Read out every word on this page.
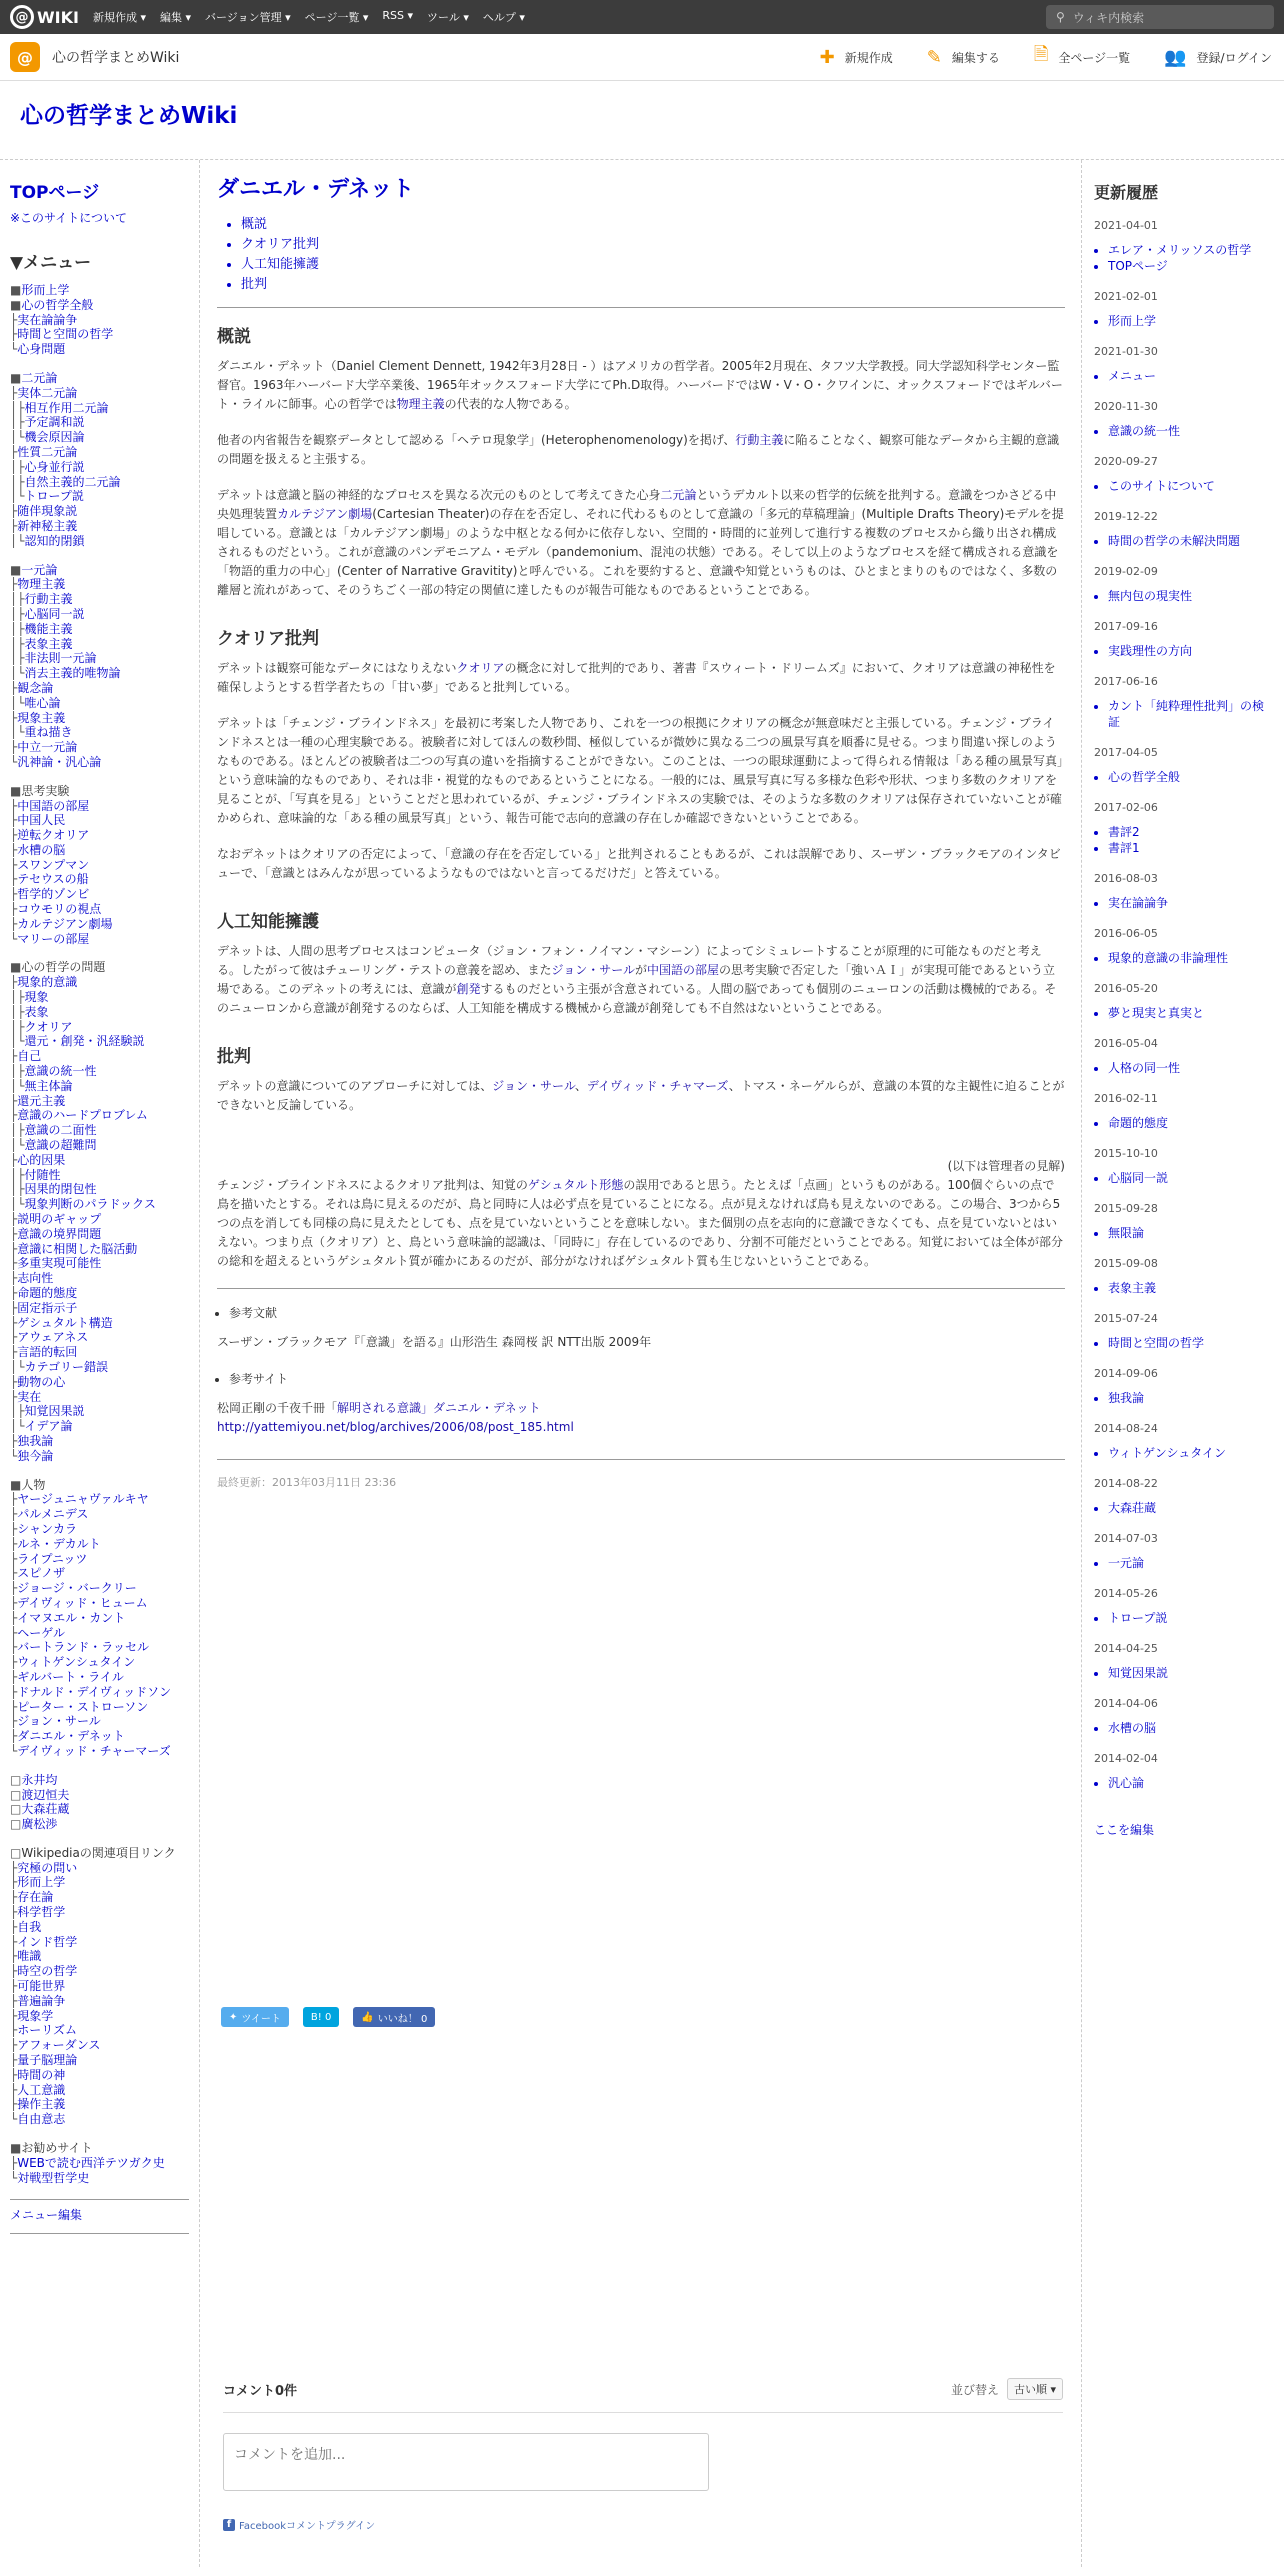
@ WIKI 新規作成 ▾ 編集 ▾ バージョン管理 ▾ ページ一覧 ▾ RSS ▾ ツール ▾ ヘルプ ▾	⚲ ウィキ内検索
@	心の哲学まとめWiki	✚ 新規作成 ✎ 編集する 🗎 全ページ一覧 👥 登録/ログイン
心の哲学まとめWiki
TOPページ
※このサイトについて
▼メニュー
■形而上学
■心の哲学全般
├実在論論争
├時間と空間の哲学
└心身問題
■二元論
├実体二元論
│├相互作用二元論
│├予定調和説
│└機会原因論
├性質二元論
│├心身並行説
│├自然主義的二元論
│└トロープ説
├随伴現象説
├新神秘主義
│└認知的閉鎖
■一元論
├物理主義
│├行動主義
│├心脳同一説
│├機能主義
│├表象主義
│├非法則一元論
│└消去主義的唯物論
├観念論
│└唯心論
├現象主義
│└重ね描き
├中立一元論
└汎神論・汎心論
■思考実験
├中国語の部屋
├中国人民
├逆転クオリア
├水槽の脳
├スワンプマン
├テセウスの船
├哲学的ゾンビ
├コウモリの視点
├カルテジアン劇場
└マリーの部屋
■心の哲学の問題
├現象的意識
│├現象
│├表象
│├クオリア
│└還元・創発・汎経験説
├自己
│├意識の統一性
│└無主体論
├還元主義
├意識のハードプロブレム
│├意識の二面性
│└意識の超難問
├心的因果
│├付随性
│├因果的閉包性
│└現象判断のパラドックス
├説明のギャップ
├意識の境界問題
├意識に相関した脳活動
├多重実現可能性
├志向性
├命題的態度
├固定指示子
├ゲシュタルト構造
├アウェアネス
├言語的転回
│└カテゴリー錯誤
├動物の心
├実在
│├知覚因果説
│└イデア論
├独我論
└独今論
■人物
├ヤージュニャヴァルキヤ
├パルメニデス
├シャンカラ
├ルネ・デカルト
├ライプニッツ
├スピノザ
├ジョージ・バークリー
├デイヴィッド・ヒューム
├イマヌエル・カント
├ヘーゲル
├バートランド・ラッセル
├ウィトゲンシュタイン
├ギルバート・ライル
├ドナルド・デイヴィッドソン
├ピーター・ストローソン
├ジョン・サール
├ダニエル・デネット
└デイヴィッド・チャーマーズ
□永井均
□渡辺恒夫
□大森荘蔵
□廣松渉
□Wikipediaの関連項目リンク
├究極の問い
├形而上学
├存在論
├科学哲学
├自我
├インド哲学
├唯識
├時空の哲学
├可能世界
├普遍論争
├現象学
├ホーリズム
├アフォーダンス
├量子脳理論
├時間の神
├人工意識
├操作主義
└自由意志
■お勧めサイト
├WEBで読む西洋テツガク史
└対戦型哲学史
メニュー編集
ダニエル・デネット
• 概説
• クオリア批判
• 人工知能擁護
• 批判
概説

ダニエル・デネット（Daniel Clement Dennett, 1942年3月28日 - ）はアメリカの哲学者。2005年2月現在、タフツ大学教授。同大学認知科学センター監督官。1963年ハーバード大学卒業後、1965年オックスフォード大学にてPh.D取得。ハーバードではW・V・O・クワインに、オックスフォードではギルバート・ライルに師事。心の哲学では物理主義の代表的な人物である。

他者の内省報告を観察データとして認める「ヘテロ現象学」(Heterophenomenology)を掲げ、行動主義に陥ることなく、観察可能なデータから主観的意識の問題を扱えると主張する。

デネットは意識と脳の神経的なプロセスを異なる次元のものとして考えてきた心身二元論というデカルト以来の哲学的伝統を批判する。意識をつかさどる中央処理装置カルテジアン劇場(Cartesian Theater)の存在を否定し、それに代わるものとして意識の「多元的草稿理論」(Multiple Drafts Theory)モデルを提唱している。意識とは「カルテジアン劇場」のような中枢となる何かに依存しない、空間的・時間的に並列して進行する複数のプロセスから織り出され構成されるものだという。これが意識のパンデモニアム・モデル（pandemonium、混沌の状態）である。そして以上のようなプロセスを経て構成される意識を「物語的重力の中心」(Center of Narrative Gravitity)と呼んでいる。これを要約すると、意識や知覚というものは、ひとまとまりのものではなく、多数の離層と流れがあって、そのうちごく一部の特定の関値に達したものが報告可能なものであるということである。

クオリア批判

デネットは観察可能なデータにはなりえないクオリアの概念に対して批判的であり、著書『スウィート・ドリームズ』において、クオリアは意識の神秘性を確保しようとする哲学者たちの「甘い夢」であると批判している。

デネットは「チェンジ・ブラインドネス」を最初に考案した人物であり、これを一つの根拠にクオリアの概念が無意味だと主張している。チェンジ・ブラインドネスとは一種の心理実験である。被験者に対してほんの数秒間、極似しているが微妙に異なる二つの風景写真を順番に見せる。つまり間違い探しのようなものである。ほとんどの被験者は二つの写真の違いを指摘することができない。このことは、一つの眼球運動によって得られる情報は「ある種の風景写真」という意味論的なものであり、それは非・視覚的なものであるということになる。一般的には、風景写真に写る多様な色彩や形状、つまり多数のクオリアを見ることが、「写真を見る」ということだと思われているが、チェンジ・ブラインドネスの実験では、そのような多数のクオリアは保存されていないことが確かめられ、意味論的な「ある種の風景写真」という、報告可能で志向的意識の存在しか確認できないということである。

なおデネットはクオリアの否定によって、「意識の存在を否定している」と批判されることもあるが、これは誤解であり、スーザン・ブラックモアのインタビューで、「意識とはみんなが思っているようなものではないと言ってるだけだ」と答えている。

人工知能擁護

デネットは、人間の思考プロセスはコンピュータ（ジョン・フォン・ノイマン・マシーン）によってシミュレートすることが原理的に可能なものだと考える。したがって彼はチューリング・テストの意義を認め、またジョン・サールが中国語の部屋の思考実験で否定した「強いＡＩ」が実現可能であるという立場である。このデネットの考えには、意識が創発するものだという主張が含意されている。人間の脳であっても個別のニューロンの活動は機械的である。そのニューロンから意識が創発するのならば、人工知能を構成する機械から意識が創発しても不自然はないということである。

批判

デネットの意識についてのアプローチに対しては、ジョン・サール、デイヴィッド・チャマーズ、トマス・ネーゲルらが、意識の本質的な主観性に迫ることができないと反論している。

(以下は管理者の見解)

チェンジ・ブラインドネスによるクオリア批判は、知覚のゲシュタルト形態の誤用であると思う。たとえば「点画」というものがある。100個ぐらいの点で鳥を描いたとする。それは鳥に見えるのだが、鳥と同時に人は必ず点を見ていることになる。点が見えなければ鳥も見えないのである。この場合、3つから5つの点を消しても同様の鳥に見えたとしても、点を見ていないということを意味しない。また個別の点を志向的に意識できなくても、点を見ていないとはいえない。つまり点（クオリア）と、鳥という意味論的認識は、「同時に」存在しているのであり、分割不可能だということである。知覚においては全体が部分の総和を超えるというゲシュタルト質が確かにあるのだが、部分がなければゲシュタルト質も生じないということである。

• 参考文献

スーザン・ブラックモア『「意識」を語る』山形浩生 森岡桜 訳 NTT出版 2009年

• 参考サイト

松岡正剛の千夜千冊「解明される意識」ダニエル・デネット
http://yattemiyou.net/blog/archives/2006/08/post_185.html

最終更新：2013年03月11日 23:36
✦ ツイート	B! 0	👍 いいね！ 0
コメント0件	並び替え	古い順 ▾
コメントを追加...
f Facebookコメントプラグイン
更新履歴
2021-04-01
• エレア・メリッソスの哲学
• TOPページ
2021-02-01
• 形而上学
2021-01-30
• メニュー
2020-11-30
• 意識の統一性
2020-09-27
• このサイトについて
2019-12-22
• 時間の哲学の未解決問題
2019-02-09
• 無内包の現実性
2017-09-16
• 実践理性の方向
2017-06-16
• カント「純粋理性批判」の検証
2017-04-05
• 心の哲学全般
2017-02-06
• 書評2
• 書評1
2016-08-03
• 実在論論争
2016-06-05
• 現象的意識の非論理性
2016-05-20
• 夢と現実と真実と
2016-05-04
• 人格の同一性
2016-02-11
• 命題的態度
2015-10-10
• 心脳同一説
2015-09-28
• 無限論
2015-09-08
• 表象主義
2015-07-24
• 時間と空間の哲学
2014-09-06
• 独我論
2014-08-24
• ウィトゲンシュタイン
2014-08-22
• 大森荘蔵
2014-07-03
• 一元論
2014-05-26
• トロープ説
2014-04-25
• 知覚因果説
2014-04-06
• 水槽の脳
2014-02-04
• 汎心論
ここを編集
